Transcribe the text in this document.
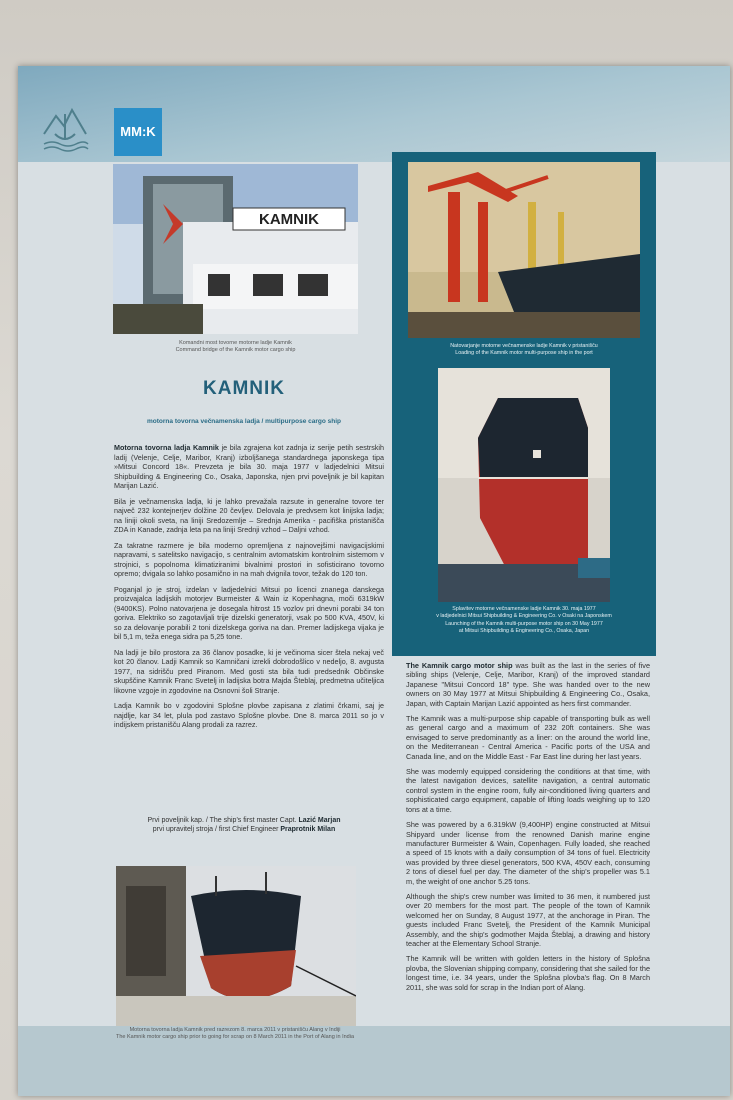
MM:K
KAMNIK
Komandni most tovorne motorne ladje Kamnik
Command bridge of the Kamnik motor cargo ship
Natovarjanje motorne večnamenske ladje Kamnik v pristanišču
Loading of the Kamnik motor multi-purpose ship in the port
Splavitev motorne večnamenske ladje Kamnik 30. maja 1977
v ladjedelnici Mitsui Shipbuilding & Engineering Co. v Osaki na Japonskem
Launching of the Kamnik multi-purpose motor ship on 30 May 1977
at Mitsui Shipbuilding & Engineering Co., Osaka, Japan
KAMNIK
motorna tovorna večnamenska ladja / multipurpose cargo ship

Motorna tovorna ladja Kamnik je bila zgrajena kot zadnja iz serije petih sestrskih ladij (Velenje, Celje, Maribor, Kranj) izboljšanega standardnega japonskega tipa »Mitsui Concord 18«. Prevzeta je bila 30. maja 1977 v ladjedelnici Mitsui Shipbuilding & Engineering Co., Osaka, Japonska, njen prvi poveljnik je bil kapitan Marijan Lazić.

Bila je večnamenska ladja, ki je lahko prevažala razsute in generalne tovore ter največ 232 kontejnerjev dolžine 20 čevljev. Delovala je predvsem kot linijska ladja; na liniji okoli sveta, na liniji Sredozemlje – Srednja Amerika - pacifiška pristanišča ZDA in Kanade, zadnja leta pa na liniji Srednji vzhod – Daljni vzhod.

Za takratne razmere je bila moderno opremljena z najnovejšimi navigacijskimi napravami, s satelitsko navigacijo, s centralnim avtomatskim kontrolnim sistemom v strojnici, s popolnoma klimatiziranimi bivalnimi prostori in sofisticirano tovorno opremo; dvigala so lahko posamično in na mah dvignila tovor, težak do 120 ton.

Poganjal jo je stroj, izdelan v ladjedelnici Mitsui po licenci znanega danskega proizvajalca ladijskih motorjev Burmeister & Wain iz Kopenhagna, moči 6319kW (9400KS). Polno natovarjena je dosegala hitrost 15 vozlov pri dnevni porabi 34 ton goriva. Elektriko so zagotavljali trije dizelski generatorji, vsak po 500 KVA, 450V, ki so za delovanje porabili 2 toni dizelskega goriva na dan. Premer ladijskega vijaka je bil 5,1 m, teža enega sidra pa 5,25 tone.

Na ladji je bilo prostora za 36 članov posadke, ki je večinoma sicer štela nekaj več kot 20 članov. Ladji Kamnik so Kamničani izrekli dobrodošlico v nedeljo, 8. avgusta 1977, na sidrišču pred Piranom. Med gosti sta bila tudi predsednik Občinske skupščine Kamnik Franc Svetelj in ladijska botra Majda Šteblaj, predmetna učiteljica likovne vzgoje in zgodovine na Osnovni šoli Stranje.

Ladja Kamnik bo v zgodovini Splošne plovbe zapisana z zlatimi črkami, saj je najdlje, kar 34 let, plula pod zastavo Splošne plovbe. Dne 8. marca 2011 so jo v indijskem pristanišču Alang prodali za razrez.

Prvi poveljnik kap. / The ship's first master Capt. Lazić Marjan
prvi upravitelj stroja / first Chief Engineer Praprotnik Milan
Motorna tovorna ladja Kamnik pred razrezom 8. marca 2011 v pristanišču Alang v Indiji
The Kamnik motor cargo ship prior to going for scrap on 8 March 2011 in the Port of Alang in India

The Kamnik cargo motor ship was built as the last in the series of five sibling ships (Velenje, Celje, Maribor, Kranj) of the improved standard Japanese "Mitsui Concord 18" type. She was handed over to the new owners on 30 May 1977 at Mitsui Shipbuilding & Engineering Co., Osaka, Japan, with Captain Marijan Lazić appointed as hers first commander.

The Kamnik was a multi-purpose ship capable of transporting bulk as well as general cargo and a maximum of 232 20ft containers. She was envisaged to serve predominantly as a liner: on the around the world line, on the Mediterranean - Central America - Pacific ports of the USA and Canada line, and on the Middle East - Far East line during her last years.

She was modernly equipped considering the conditions at that time, with the latest navigation devices, satellite navigation, a central automatic control system in the engine room, fully air-conditioned living quarters and sophisticated cargo equipment, capable of lifting loads weighing up to 120 tons at a time.

She was powered by a 6.319kW (9,400HP) engine constructed at Mitsui Shipyard under license from the renowned Danish marine engine manufacturer Burmeister & Wain, Copenhagen. Fully loaded, she reached a speed of 15 knots with a daily consumption of 34 tons of fuel. Electricity was provided by three diesel generators, 500 KVA, 450V each, consuming 2 tons of diesel fuel per day. The diameter of the ship's propeller was 5.1 m, the weight of one anchor 5.25 tons.

Although the ship's crew number was limited to 36 men, it numbered just over 20 members for the most part. The people of the town of Kamnik welcomed her on Sunday, 8 August 1977, at the anchorage in Piran. The guests included Franc Svetelj, the President of the Kamnik Municipal Assembly, and the ship's godmother Majda Šteblaj, a drawing and history teacher at the Elementary School Stranje.

The Kamnik will be written with golden letters in the history of Splošna plovba, the Slovenian shipping company, considering that she sailed for the longest time, i.e. 34 years, under the Splošna plovba's flag. On 8 March 2011, she was sold for scrap in the Indian port of Alang.
